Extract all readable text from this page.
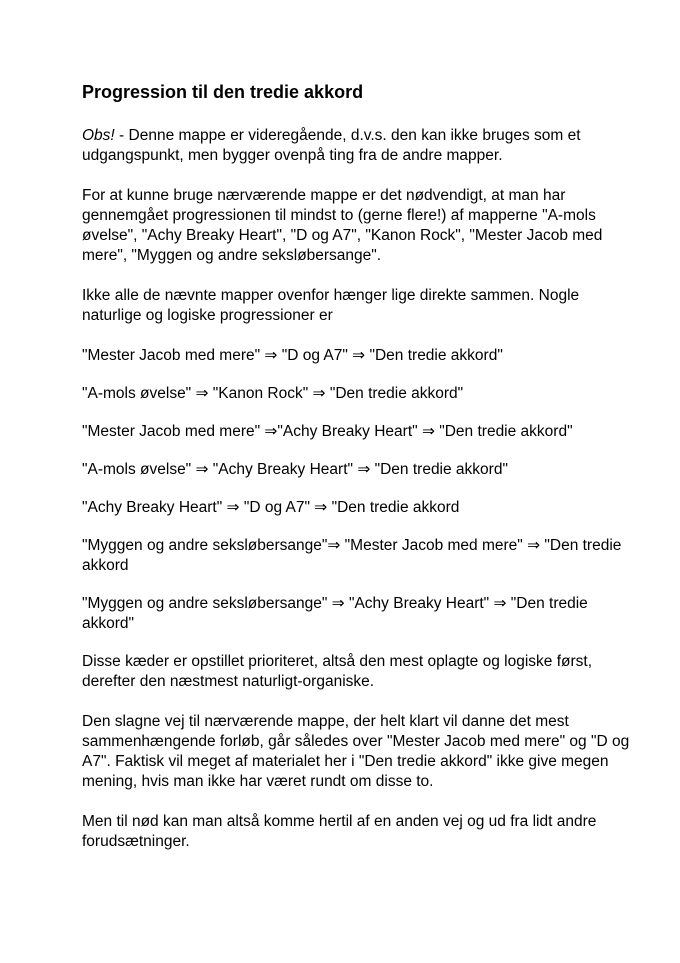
Progression til den tredie akkord

Obs! - Denne mappe er videregående, d.v.s. den kan ikke bruges som et udgangspunkt, men bygger ovenpå ting fra de andre mapper.

For at kunne bruge nærværende mappe er det nødvendigt, at man har gennemgået progressionen til mindst to (gerne flere!) af mapperne "A-mols øvelse", "Achy Breaky Heart", "D og A7", "Kanon Rock", "Mester Jacob med mere", "Myggen og andre seksløbersange".

Ikke alle de nævnte mapper ovenfor hænger lige direkte sammen. Nogle naturlige og logiske progressioner er

"Mester Jacob med mere" ⇒ "D og A7" ⇒ "Den tredie akkord"

"A-mols øvelse" ⇒ "Kanon Rock" ⇒ "Den tredie akkord"

"Mester Jacob med mere" ⇒"Achy Breaky Heart" ⇒ "Den tredie akkord"

"A-mols øvelse" ⇒ "Achy Breaky Heart" ⇒ "Den tredie akkord"

"Achy Breaky Heart" ⇒ "D og A7" ⇒ "Den tredie akkord

"Myggen og andre seksløbersange"⇒ "Mester Jacob med mere" ⇒ "Den tredie akkord

"Myggen og andre seksløbersange" ⇒ "Achy Breaky Heart" ⇒ "Den tredie akkord"

Disse kæder er opstillet prioriteret, altså den mest oplagte og logiske først, derefter den næstmest naturligt-organiske.

Den slagne vej til nærværende mappe, der helt klart vil danne det mest sammenhængende forløb, går således over "Mester Jacob med mere" og "D og A7". Faktisk vil meget af materialet her i "Den tredie akkord" ikke give megen mening, hvis man ikke har været rundt om disse to.

Men til nød kan man altså komme hertil af en anden vej og ud fra lidt andre forudsætninger.
